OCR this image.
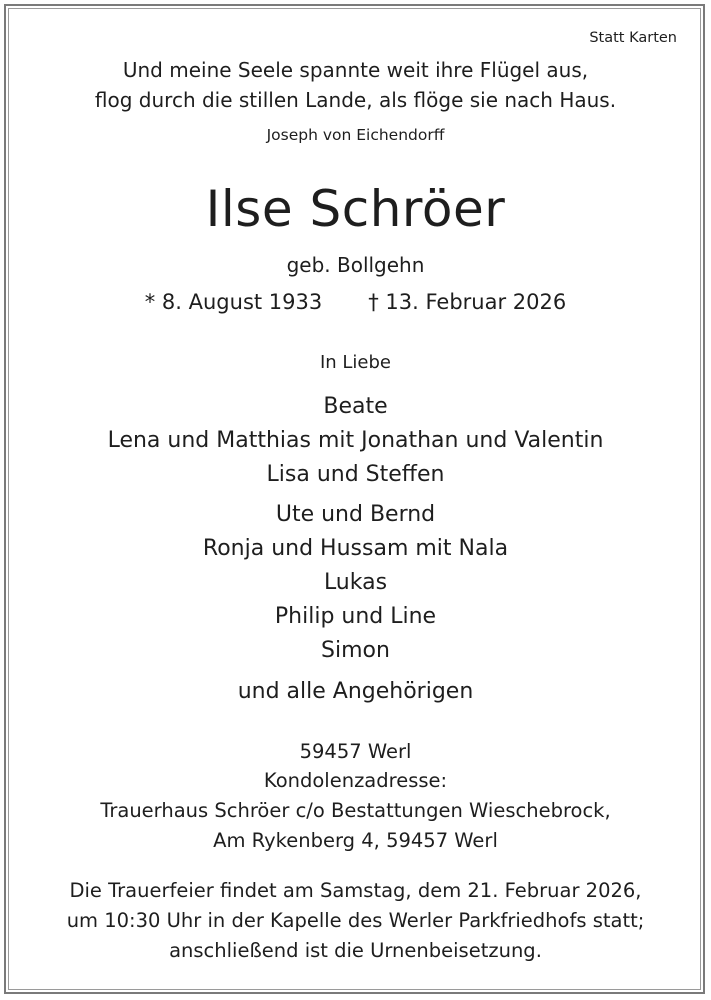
Statt Karten
Und meine Seele spannte weit ihre Flügel aus,
flog durch die stillen Lande, als flöge sie nach Haus.
Joseph von Eichendorff
Ilse Schröer
geb. Bollgehn
* 8. August 1933 † 13. Februar 2026
In Liebe
Beate
Lena und Matthias mit Jonathan und Valentin
Lisa und Steffen
Ute und Bernd
Ronja und Hussam mit Nala
Lukas
Philip und Line
Simon
und alle Angehörigen
59457 Werl
Kondolenzadresse:
Trauerhaus Schröer c/o Bestattungen Wieschebrock,
Am Rykenberg 4, 59457 Werl
Die Trauerfeier findet am Samstag, dem 21. Februar 2026,
um 10:30 Uhr in der Kapelle des Werler Parkfriedhofs statt;
anschließend ist die Urnenbeisetzung.
